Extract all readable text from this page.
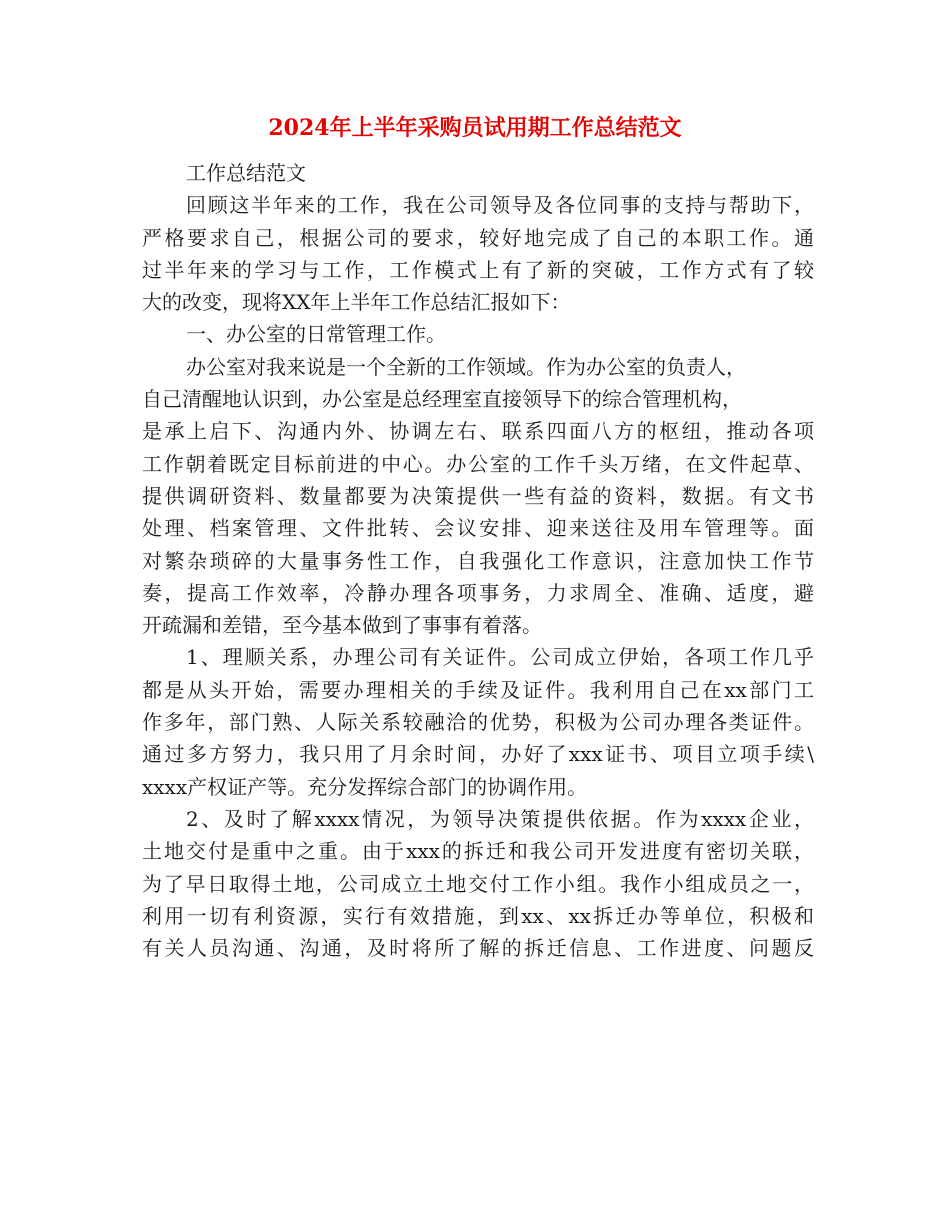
2024年上半年采购员试用期工作总结范文
工作总结范文
回顾这半年来的工作，我在公司领导及各位同事的支持与帮助下，
严格要求自己，根据公司的要求，较好地完成了自己的本职工作。通
过半年来的学习与工作，工作模式上有了新的突破，工作方式有了较
大的改变，现将XX年上半年工作总结汇报如下：
一、办公室的日常管理工作。
办公室对我来说是一个全新的工作领域。作为办公室的负责人，
自己清醒地认识到，办公室是总经理室直接领导下的综合管理机构，
是承上启下、沟通内外、协调左右、联系四面八方的枢纽，推动各项
工作朝着既定目标前进的中心。办公室的工作千头万绪，在文件起草、
提供调研资料、数量都要为决策提供一些有益的资料，数据。有文书
处理、档案管理、文件批转、会议安排、迎来送往及用车管理等。面
对繁杂琐碎的大量事务性工作，自我强化工作意识，注意加快工作节
奏，提高工作效率，冷静办理各项事务，力求周全、准确、适度，避
开疏漏和差错，至今基本做到了事事有着落。
1、理顺关系，办理公司有关证件。公司成立伊始，各项工作几乎
都是从头开始，需要办理相关的手续及证件。我利用自己在xx部门工
作多年，部门熟、人际关系较融洽的优势，积极为公司办理各类证件。
通过多方努力，我只用了月余时间，办好了xxx证书、项目立项手续\
xxxx产权证产等。充分发挥综合部门的协调作用。
2、及时了解xxxx情况，为领导决策提供依据。作为xxxx企业，
土地交付是重中之重。由于xxx的拆迁和我公司开发进度有密切关联，
为了早日取得土地，公司成立土地交付工作小组。我作小组成员之一，
利用一切有利资源，实行有效措施，到xx、xx拆迁办等单位，积极和
有关人员沟通、沟通，及时将所了解的拆迁信息、工作进度、问题反
